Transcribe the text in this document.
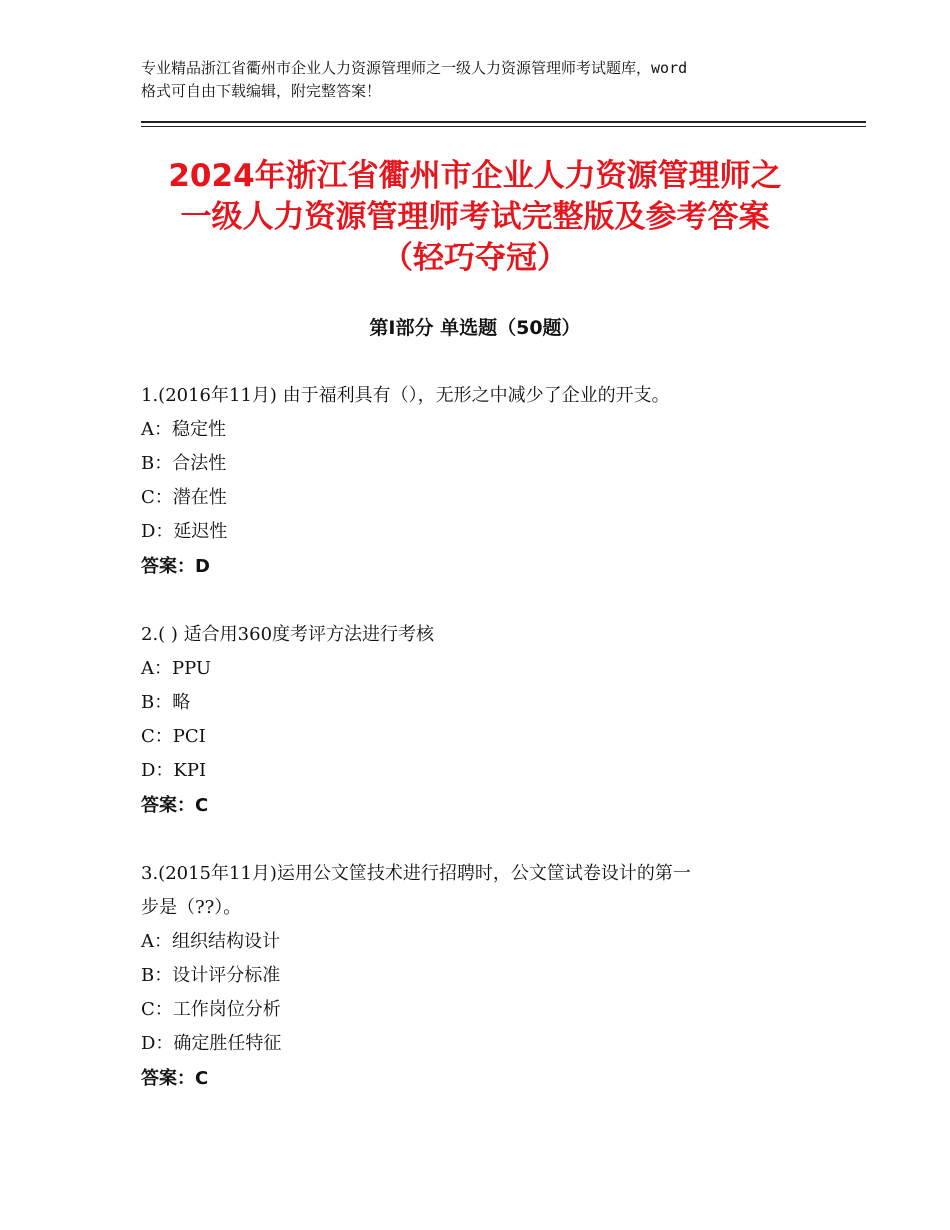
专业精品浙江省衢州市企业人力资源管理师之一级人力资源管理师考试题库，word
格式可自由下载编辑，附完整答案！
2024年浙江省衢州市企业人力资源管理师之
一级人力资源管理师考试完整版及参考答案
（轻巧夺冠）
第Ⅰ部分 单选题（50题）
1.(2016年11月) 由于福利具有（），无形之中减少了企业的开支。
A：稳定性
B：合法性
C：潜在性
D：延迟性
答案：D
2.( ) 适合用360度考评方法进行考核
A：PPU
B：略
C：PCI
D：KPI
答案：C
3.(2015年11月)运用公文筐技术进行招聘时，公文筐试卷设计的第一
步是（??）。
A：组织结构设计
B：设计评分标准
C：工作岗位分析
D：确定胜任特征
答案：C
